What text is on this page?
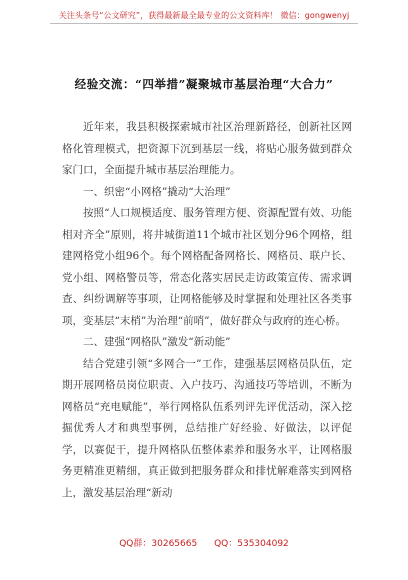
关注头条号“公文研究”，获得最新最全最专业的公文资料库！ 微信：gongwenyj
经验交流：“四举措”凝聚城市基层治理“大合力”

近年来，我县积极探索城市社区治理新路径，创新社区网格化管理模式，把资源下沉到基层一线，将贴心服务做到群众家门口，全面提升城市基层治理能力。

一、织密“小网格”撬动“大治理”

按照“人口规模适度、服务管理方便、资源配置有效、功能相对齐全”原则，将井城街道11个城市社区划分96个网格，组建网格党小组96个。每个网格配备网格长、网格员、联户长、党小组、网格警员等，常态化落实居民走访政策宣传、需求调查、纠纷调解等事项，让网格能够及时掌握和处理社区各类事项，变基层“末梢”为治理“前哨”，做好群众与政府的连心桥。

二、建强“网格队”激发“新动能”

结合党建引领“多网合一”工作，建强基层网格员队伍，定期开展网格员岗位职责、入户技巧、沟通技巧等培训，不断为网格员“充电赋能”，举行网格队伍系列评先评优活动，深入挖掘优秀人才和典型事例，总结推广好经验、好做法，以评促学，以赛促干，提升网格队伍整体素养和服务水平，让网格服务更精准更精细，真正做到把服务群众和排忧解难落实到网格上，激发基层治理“新动

QQ群：30265665 QQ：535304092
